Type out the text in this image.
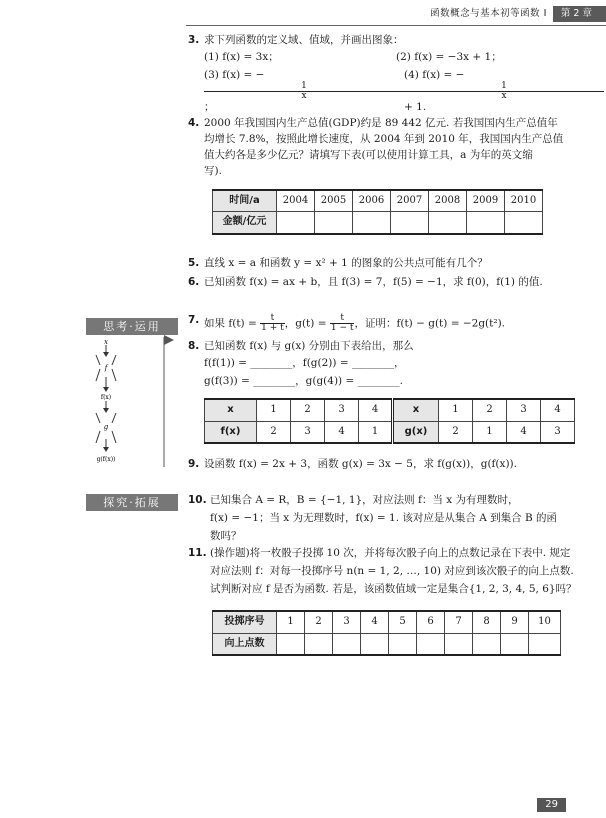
函数概念与基本初等函数 I	第 2 章
思考·运用
探究·拓展
x
f
f(x)
g
g(f(x))
3. 求下列函数的定义域、值域，并画出图象：
(1) f(x) = 3x；	(2) f(x) = −3x + 1；
(3) f(x) = −
$\frac{1}{x}$
；
(4) f(x) = −
$\frac{1}{x}$
+ 1.
4. 2000 年我国国内生产总值(GDP)约是 89 442 亿元. 若我国国内生产总值年
均增长 7.8%，按照此增长速度，从 2004 年到 2010 年，我国国内生产总值
值大约各是多少亿元？请填写下表(可以使用计算工具，a 为年的英文缩
写).
时间/a	2004	2005	2006	2007	2008	2009	2010
金额/亿元							
5. 直线 x = a 和函数 y = x² + 1 的图象的公共点可能有几个？
6. 已知函数 f(x) = ax + b，且 f(3) = 7，f(5) = −1，求 f(0)，f(1) 的值.
7. 如果 $f(t) = \frac{t}{1 + t}$ ，$g(t) = \frac{t}{1 - t}$ ，证明：f(t) − g(t) = −2g(t²).
8. 已知函数 f(x) 与 g(x) 分别由下表给出，那么
f(f(1)) = ________，f(g(2)) = ________，
g(f(3)) = ________，g(g(4)) = ________.
x	1	2	3	4	x	1	2	3	4
f(x)	2	3	4	1	g(x)	2	1	4	3
9. 设函数 f(x) = 2x + 3，函数 g(x) = 3x − 5，求 f(g(x))，g(f(x)).
10. 已知集合 A = R，B = {−1, 1}，对应法则 f：当 x 为有理数时，
f(x) = −1；当 x 为无理数时，f(x) = 1. 该对应是从集合 A 到集合 B 的函
数吗？
11. (操作题)将一枚骰子投掷 10 次，并将每次骰子向上的点数记录在下表中. 规定
对应法则 f：对每一投掷序号 n(n = 1, 2, …, 10) 对应到该次骰子的向上点数.
试判断对应 f 是否为函数. 若是，该函数值域一定是集合{1, 2, 3, 4, 5, 6}吗？
投掷序号	1	2	3	4	5	6	7	8	9	10
向上点数										
29
